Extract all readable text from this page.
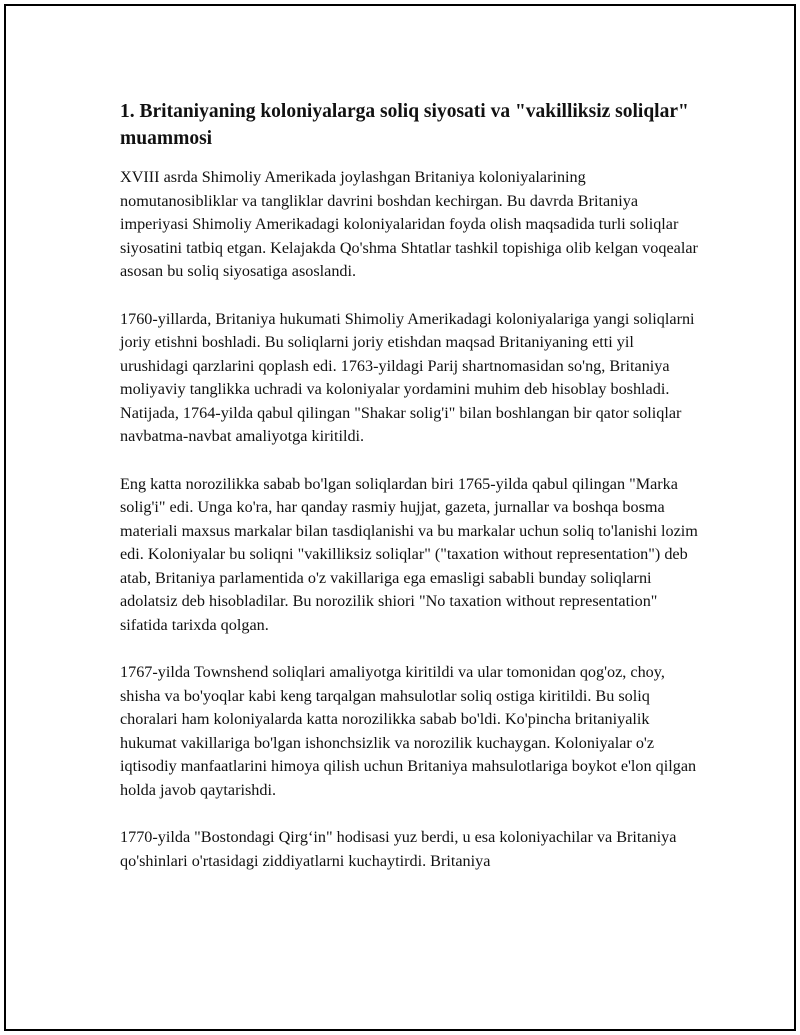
1. Britaniyaning koloniyalarga soliq siyosati va "vakilliksiz soliqlar" muammosi

XVIII asrda Shimoliy Amerikada joylashgan Britaniya koloniyalarining nomutanosibliklar va tangliklar davrini boshdan kechirgan. Bu davrda Britaniya imperiyasi Shimoliy Amerikadagi koloniyalaridan foyda olish maqsadida turli soliqlar siyosatini tatbiq etgan. Kelajakda Qo'shma Shtatlar tashkil topishiga olib kelgan voqealar asosan bu soliq siyosatiga asoslandi.

1760-yillarda, Britaniya hukumati Shimoliy Amerikadagi koloniyalariga yangi soliqlarni joriy etishni boshladi. Bu soliqlarni joriy etishdan maqsad Britaniyaning etti yil urushidagi qarzlarini qoplash edi. 1763-yildagi Parij shartnomasidan so'ng, Britaniya moliyaviy tanglikka uchradi va koloniyalar yordamini muhim deb hisoblay boshladi. Natijada, 1764-yilda qabul qilingan "Shakar solig'i" bilan boshlangan bir qator soliqlar navbatma-navbat amaliyotga kiritildi.

Eng katta norozilikka sabab bo'lgan soliqlardan biri 1765-yilda qabul qilingan "Marka solig'i" edi. Unga ko'ra, har qanday rasmiy hujjat, gazeta, jurnallar va boshqa bosma materiali maxsus markalar bilan tasdiqlanishi va bu markalar uchun soliq to'lanishi lozim edi. Koloniyalar bu soliqni "vakilliksiz soliqlar" ("taxation without representation") deb atab, Britaniya parlamentida o'z vakillariga ega emasligi sababli bunday soliqlarni adolatsiz deb hisobladilar. Bu norozilik shiori "No taxation without representation" sifatida tarixda qolgan.

1767-yilda Townshend soliqlari amaliyotga kiritildi va ular tomonidan qog'oz, choy, shisha va bo'yoqlar kabi keng tarqalgan mahsulotlar soliq ostiga kiritildi. Bu soliq choralari ham koloniyalarda katta norozilikka sabab bo'ldi. Ko'pincha britaniyalik hukumat vakillariga bo'lgan ishonchsizlik va norozilik kuchaygan. Koloniyalar o'z iqtisodiy manfaatlarini himoya qilish uchun Britaniya mahsulotlariga boykot e'lon qilgan holda javob qaytarishdi.

1770-yilda "Bostondagi Qirg‘in" hodisasi yuz berdi, u esa koloniyachilar va Britaniya qo'shinlari o'rtasidagi ziddiyatlarni kuchaytirdi. Britaniya
